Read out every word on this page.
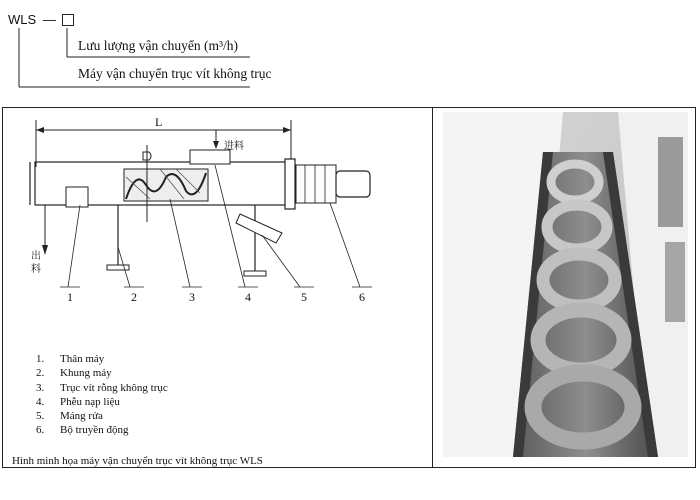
WLS —
Lưu lượng vận chuyển (m³/h)
Máy vận chuyển trục vít không trục
L
进料
出料
1	2	3	4	5	6
1.	Thân máy
2.	Khung máy
3.	Trục vít rỗng không trục
4.	Phễu nạp liệu
5.	Máng rửa
6.	Bộ truyền động
Hình minh họa máy vận chuyển trục vít không trục WLS
